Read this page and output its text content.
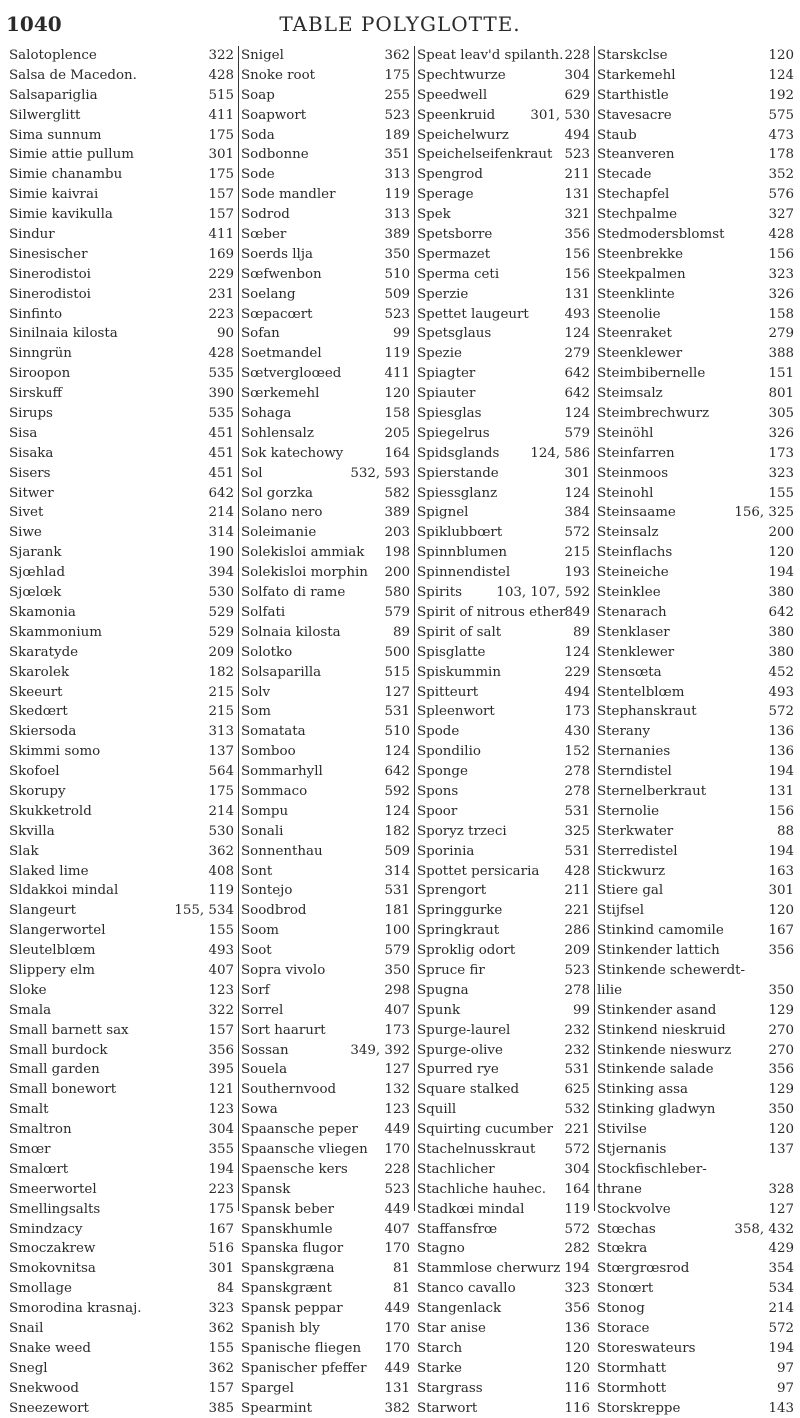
1040	TABLE POLYGLOTTE.
Salotoplence	322
Salsa de Macedon.	428
Salsapariglia	515
Silwerglitt	411
Sima sunnum	175
Simie attie pullum	301
Simie chanambu	175
Simie kaivrai	157
Simie kavikulla	157
Sindur	411
Sinesischer	169
Sinerodistoi	229
Sinerodistoi	231
Sinfinto	223
Sinilnaia kilosta	90
Sinngrün	428
Siroopon	535
Sirskuff	390
Sirups	535
Sisa	451
Sisaka	451
Sisers	451
Sitwer	642
Sivet	214
Siwe	314
Sjarank	190
Sjœhlad	394
Sjœlœk	530
Skamonia	529
Skammonium	529
Skaratyde	209
Skarolek	182
Skeeurt	215
Skedœrt	215
Skiersoda	313
Skimmi somo	137
Skofoel	564
Skorupy	175
Skukketrold	214
Skvilla	530
Slak	362
Slaked lime	408
Sldakkoi mindal	119
Slangeurt	155, 534
Slangerwortel	155
Sleutelblœm	493
Slippery elm	407
Sloke	123
Smala	322
Small barnett sax	157
Small burdock	356
Small garden	395
Small bonewort	121
Smalt	123
Smaltron	304
Smœr	355
Smalœrt	194
Smeerwortel	223
Smellingsalts	175
Smindzacy	167
Smoczakrew	516
Smokovnitsa	301
Smollage	84
Smorodina krasnaj.	323
Snail	362
Snake weed	155
Snegl	362
Snekwood	157
Sneezewort	385
Snigel	362
Snoke root	175
Soap	255
Soapwort	523
Soda	189
Sodbonne	351
Sode	313
Sode mandler	119
Sodrod	313
Sœber	389
Soerds llja	350
Sœfwenbon	510
Soelang	509
Sœpacœrt	523
Sofan	99
Soetmandel	119
Sœtvergloœed	411
Sœrkemehl	120
Sohaga	158
Sohlensalz	205
Sok katechowy	164
Sol	532, 593
Sol gorzka	582
Solano nero	389
Soleimanie	203
Solekisloi ammiak 198
Solekisloi morphin 200
Solfato di rame	580
Solfati	579
Solnaia kilosta	89
Solotko	500
Solsaparilla	515
Solv	127
Som	531
Somatata	510
Somboo	124
Sommarhyll	642
Sommaco	592
Sompu	124
Sonali	182
Sonnenthau	509
Sont	314
Sontejo	531
Soodbrod	181
Soom	100
Soot	579
Sopra vivolo	350
Sorf	298
Sorrel	407
Sort haarurt	173
Sossan	349, 392
Souela	127
Southernvood	132
Sowa	123
Spaansche peper 449
Spaansche vliegen 170
Spaensche kers	228
Spansk	523
Spansk beber	449
Spanskhumle	407
Spanska flugor	170
Spanskgræna	81
Spanskgrænt	81
Spansk peppar	449
Spanish bly	170
Spanische fliegen 170
Spanischer pfeffer 449
Spargel	131
Spearmint	382
Speat leav'd spilanth. 228
Spechtwurze	304
Speedwell	629
Speenkruid	301, 530
Speichelwurz	494
Speichelseifenkraut 523
Spengrod	211
Sperage	131
Spek	321
Spetsborre	356
Spermazet	156
Sperma ceti	156
Sperzie	131
Spettet laugeurt	493
Spetsglaus	124
Spezie	279
Spiagter	642
Spiauter	642
Spiesglas	124
Spiegelrus	579
Spidsglands 124, 586
Spierstande	301
Spiessglanz	124
Spignel	384
Spiklubbœrt	572
Spinnblumen	215
Spinnendistel	193
Spirits	103, 107, 592
Spirit of nitrous ether 849
Spirit of salt	89
Spisglatte	124
Spiskummin	229
Spitteurt	494
Spleenwort	173
Spode	430
Spondilio	152
Sponge	278
Spons	278
Spoor	531
Sporyz trzeci	325
Sporinia	531
Spottet persicaria 428
Sprengort	211
Springgurke	221
Springkraut	286
Sproklig odort	209
Spruce fir	523
Spugna	278
Spunk	99
Spurge-laurel	232
Spurge-olive	232
Spurred rye	531
Square stalked	625
Squill	532
Squirting cucumber 221
Stachelnusskraut 572
Stachlicher	304
Stachliche hauhec. 164
Stadkœi mindal	119
Staffansfrœ	572
Stagno	282
Stammlose cherwurz 194
Stanco cavallo	323
Stangenlack	356
Star anise	136
Starch	120
Starke	120
Stargrass	116
Starwort	116
Starskclse	120
Starkemehl	124
Starthistle	192
Stavesacre	575
Staub	473
Steanveren	178
Stecade	352
Stechapfel	576
Stechpalme	327
Stedmodersblomst	428
Steenbrekke	156
Steekpalmen	323
Steenklinte	326
Steenolie	158
Steenraket	279
Steenklewer	388
Steimbibernelle	151
Steimsalz	801
Steimbrechwurz	305
Steinöhl	326
Steinfarren	173
Steinmoos	323
Steinohl	155
Steinsaame	156, 325
Steinsalz	200
Steinflachs	120
Steineiche	194
Steinklee	380
Stenarach	642
Stenklaser	380
Stenklewer	380
Stensœta	452
Stentelblœm	493
Stephanskraut	572
Sterany	136
Sternanies	136
Sterndistel	194
Sternelberkraut	131
Sternolie	156
Sterkwater	88
Sterredistel	194
Stickwurz	163
Stiere gal	301
Stijfsel	120
Stinkind camomile	167
Stinkender lattich	356
Stinkende schewerdt-
lilie	350
Stinkender asand	129
Stinkend nieskruid	270
Stinkende nieswurz	270
Stinkende salade	356
Stinking assa	129
Stinking gladwyn	350
Stivilse	120
Stjernanis	137
Stockfischleber-
thrane	328
Stockvolve	127
Stœchas	358, 432
Stœkra	429
Stœrgrœsrod	354
Stonœrt	534
Stonog	214
Storace	572
Storeswateurs	194
Stormhatt	97
Stormhott	97
Storskreppe	143
